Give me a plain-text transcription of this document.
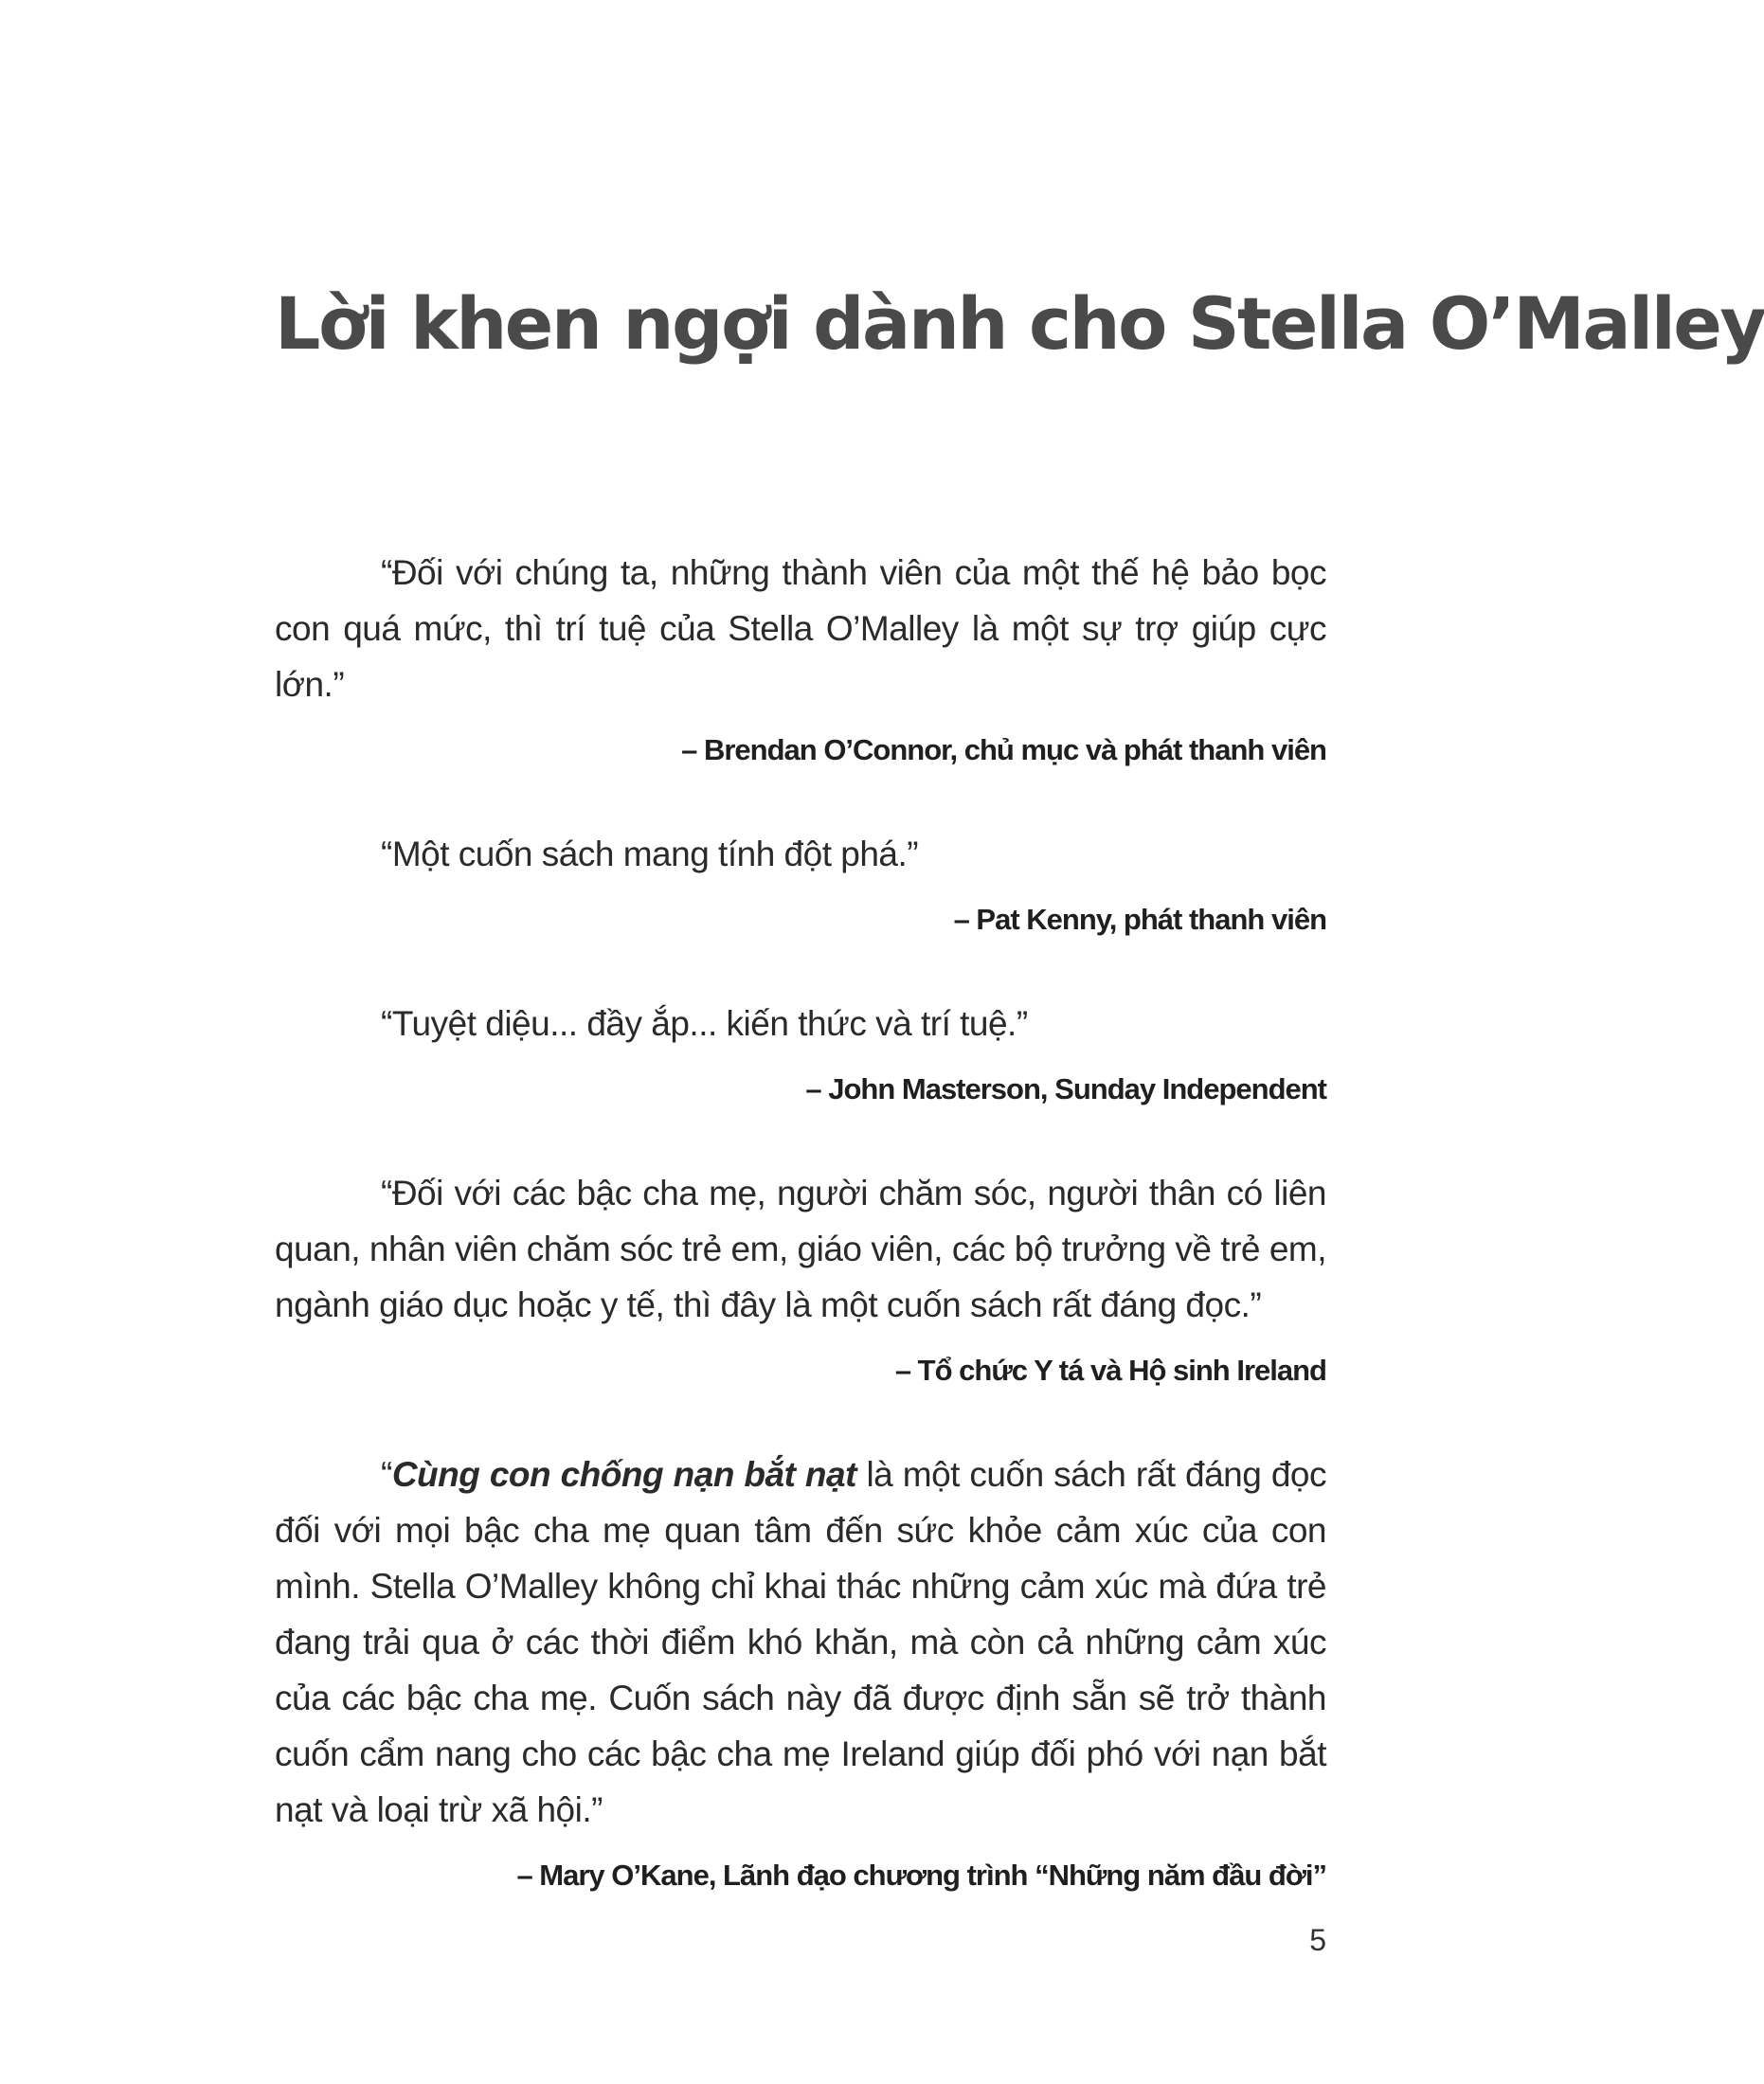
Lời khen ngợi dành cho Stella O’Malley

“Đối với chúng ta, những thành viên của một thế hệ bảo bọc con quá mức, thì trí tuệ của Stella O’Malley là một sự trợ giúp cực lớn.”

– Brendan O’Connor, chủ mục và phát thanh viên

“Một cuốn sách mang tính đột phá.”

– Pat Kenny, phát thanh viên

“Tuyệt diệu... đầy ắp... kiến thức và trí tuệ.”

– John Masterson, Sunday Independent

“Đối với các bậc cha mẹ, người chăm sóc, người thân có liên quan, nhân viên chăm sóc trẻ em, giáo viên, các bộ trưởng về trẻ em, ngành giáo dục hoặc y tế, thì đây là một cuốn sách rất đáng đọc.”

– Tổ chức Y tá và Hộ sinh Ireland

“Cùng con chống nạn bắt nạt là một cuốn sách rất đáng đọc đối với mọi bậc cha mẹ quan tâm đến sức khỏe cảm xúc của con mình. Stella O’Malley không chỉ khai thác những cảm xúc mà đứa trẻ đang trải qua ở các thời điểm khó khăn, mà còn cả những cảm xúc của các bậc cha mẹ. Cuốn sách này đã được định sẵn sẽ trở thành cuốn cẩm nang cho các bậc cha mẹ Ireland giúp đối phó với nạn bắt nạt và loại trừ xã hội.”

– Mary O’Kane, Lãnh đạo chương trình “Những năm đầu đời”

5
